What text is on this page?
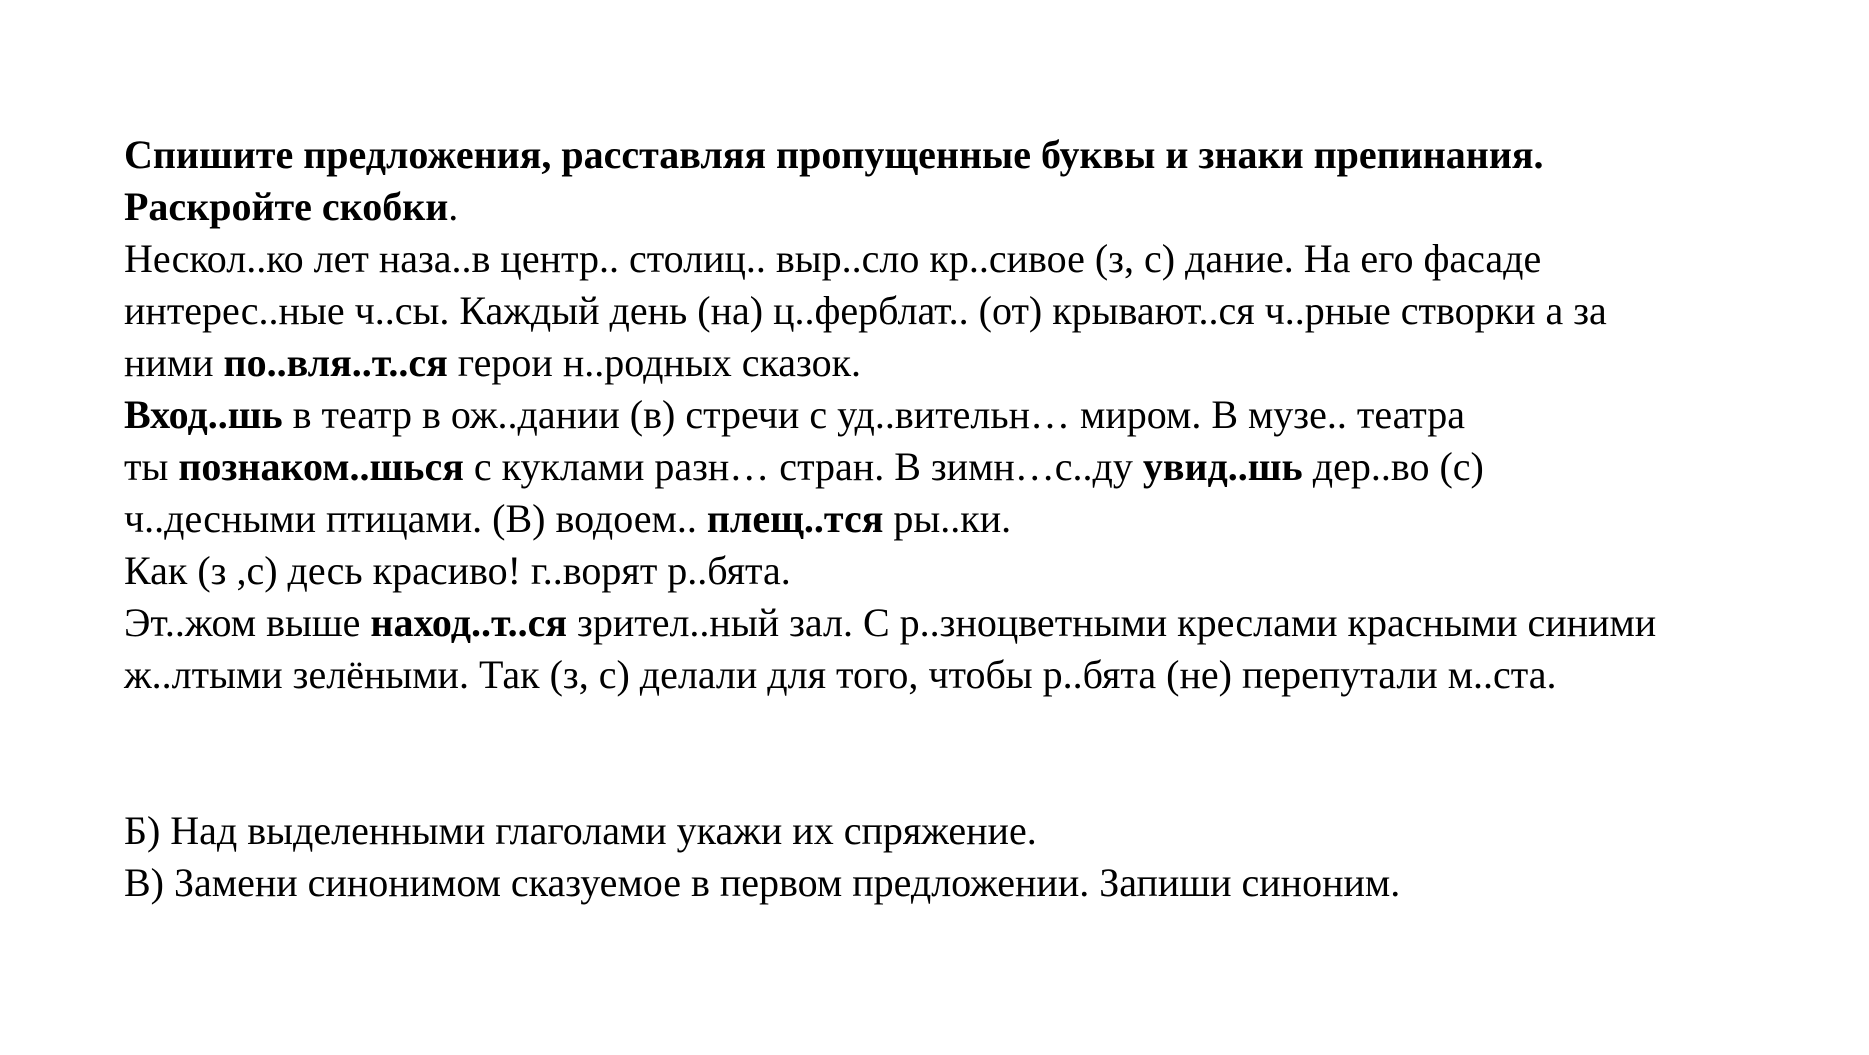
Спишите предложения, расставляя пропущенные буквы и знаки препинания.

Раскройте скобки.

Нескол..ко лет наза..в центр.. столиц.. выр..сло кр..сивое (з, с) дание. На его фасаде

интерес..ные ч..сы. Каждый день (на) ц..ферблат.. (от) крывают..ся ч..рные створки а за

ними по..вля..т..ся герои н..родных сказок.

Вход..шь в театр в ож..дании (в) стречи с уд..вительн… миром. В музе.. театра

ты познаком..шься с куклами разн… стран. В зимн…с..ду увид..шь дер..во (с)

ч..десными птицами. (В) водоем.. плещ..тся ры..ки.

Как (з ,с) десь красиво! г..ворят р..бята.

Эт..жом выше наход..т..ся зрител..ный зал. С р..зноцветными креслами красными синими

ж..лтыми зелёными. Так (з, с) делали для того, чтобы р..бята (не) перепутали м..ста.

Б) Над выделенными глаголами укажи их спряжение.

В) Замени синонимом сказуемое в первом предложении. Запиши синоним.
